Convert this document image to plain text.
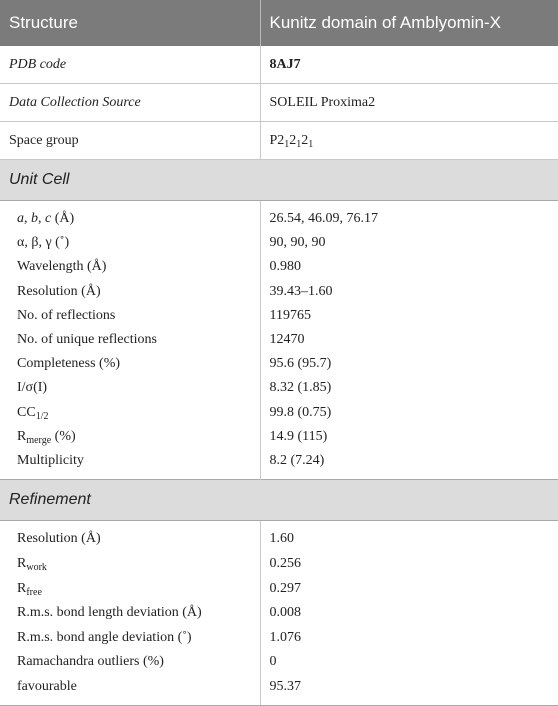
Structure	Kunitz domain of Amblyomin-X
PDB code	8AJ7
Data Collection Source	SOLEIL Proxima2
Space group	$P2_12_12_1$
Unit Cell	
a, b, c (Å)	26.54, 46.09, 76.17
α, β, γ (˚)	90, 90, 90
Wavelength (Å)	0.980
Resolution (Å)	39.43–1.60
No. of reflections	119765
No. of unique reflections	12470
Completeness (%)	95.6 (95.7)
I/σ(I)	8.32 (1.85)
$CC_{1/2}$	99.8 (0.75)
$R_{merge}$ (%)	14.9 (115)
Multiplicity	8.2 (7.24)
Refinement	
Resolution (Å)	1.60
$R_{work}$	0.256
$R_{free}$	0.297
R.m.s. bond length deviation (Å)	0.008
R.m.s. bond angle deviation (˚)	1.076
Ramachandra outliers (%)	0
favourable	95.37
